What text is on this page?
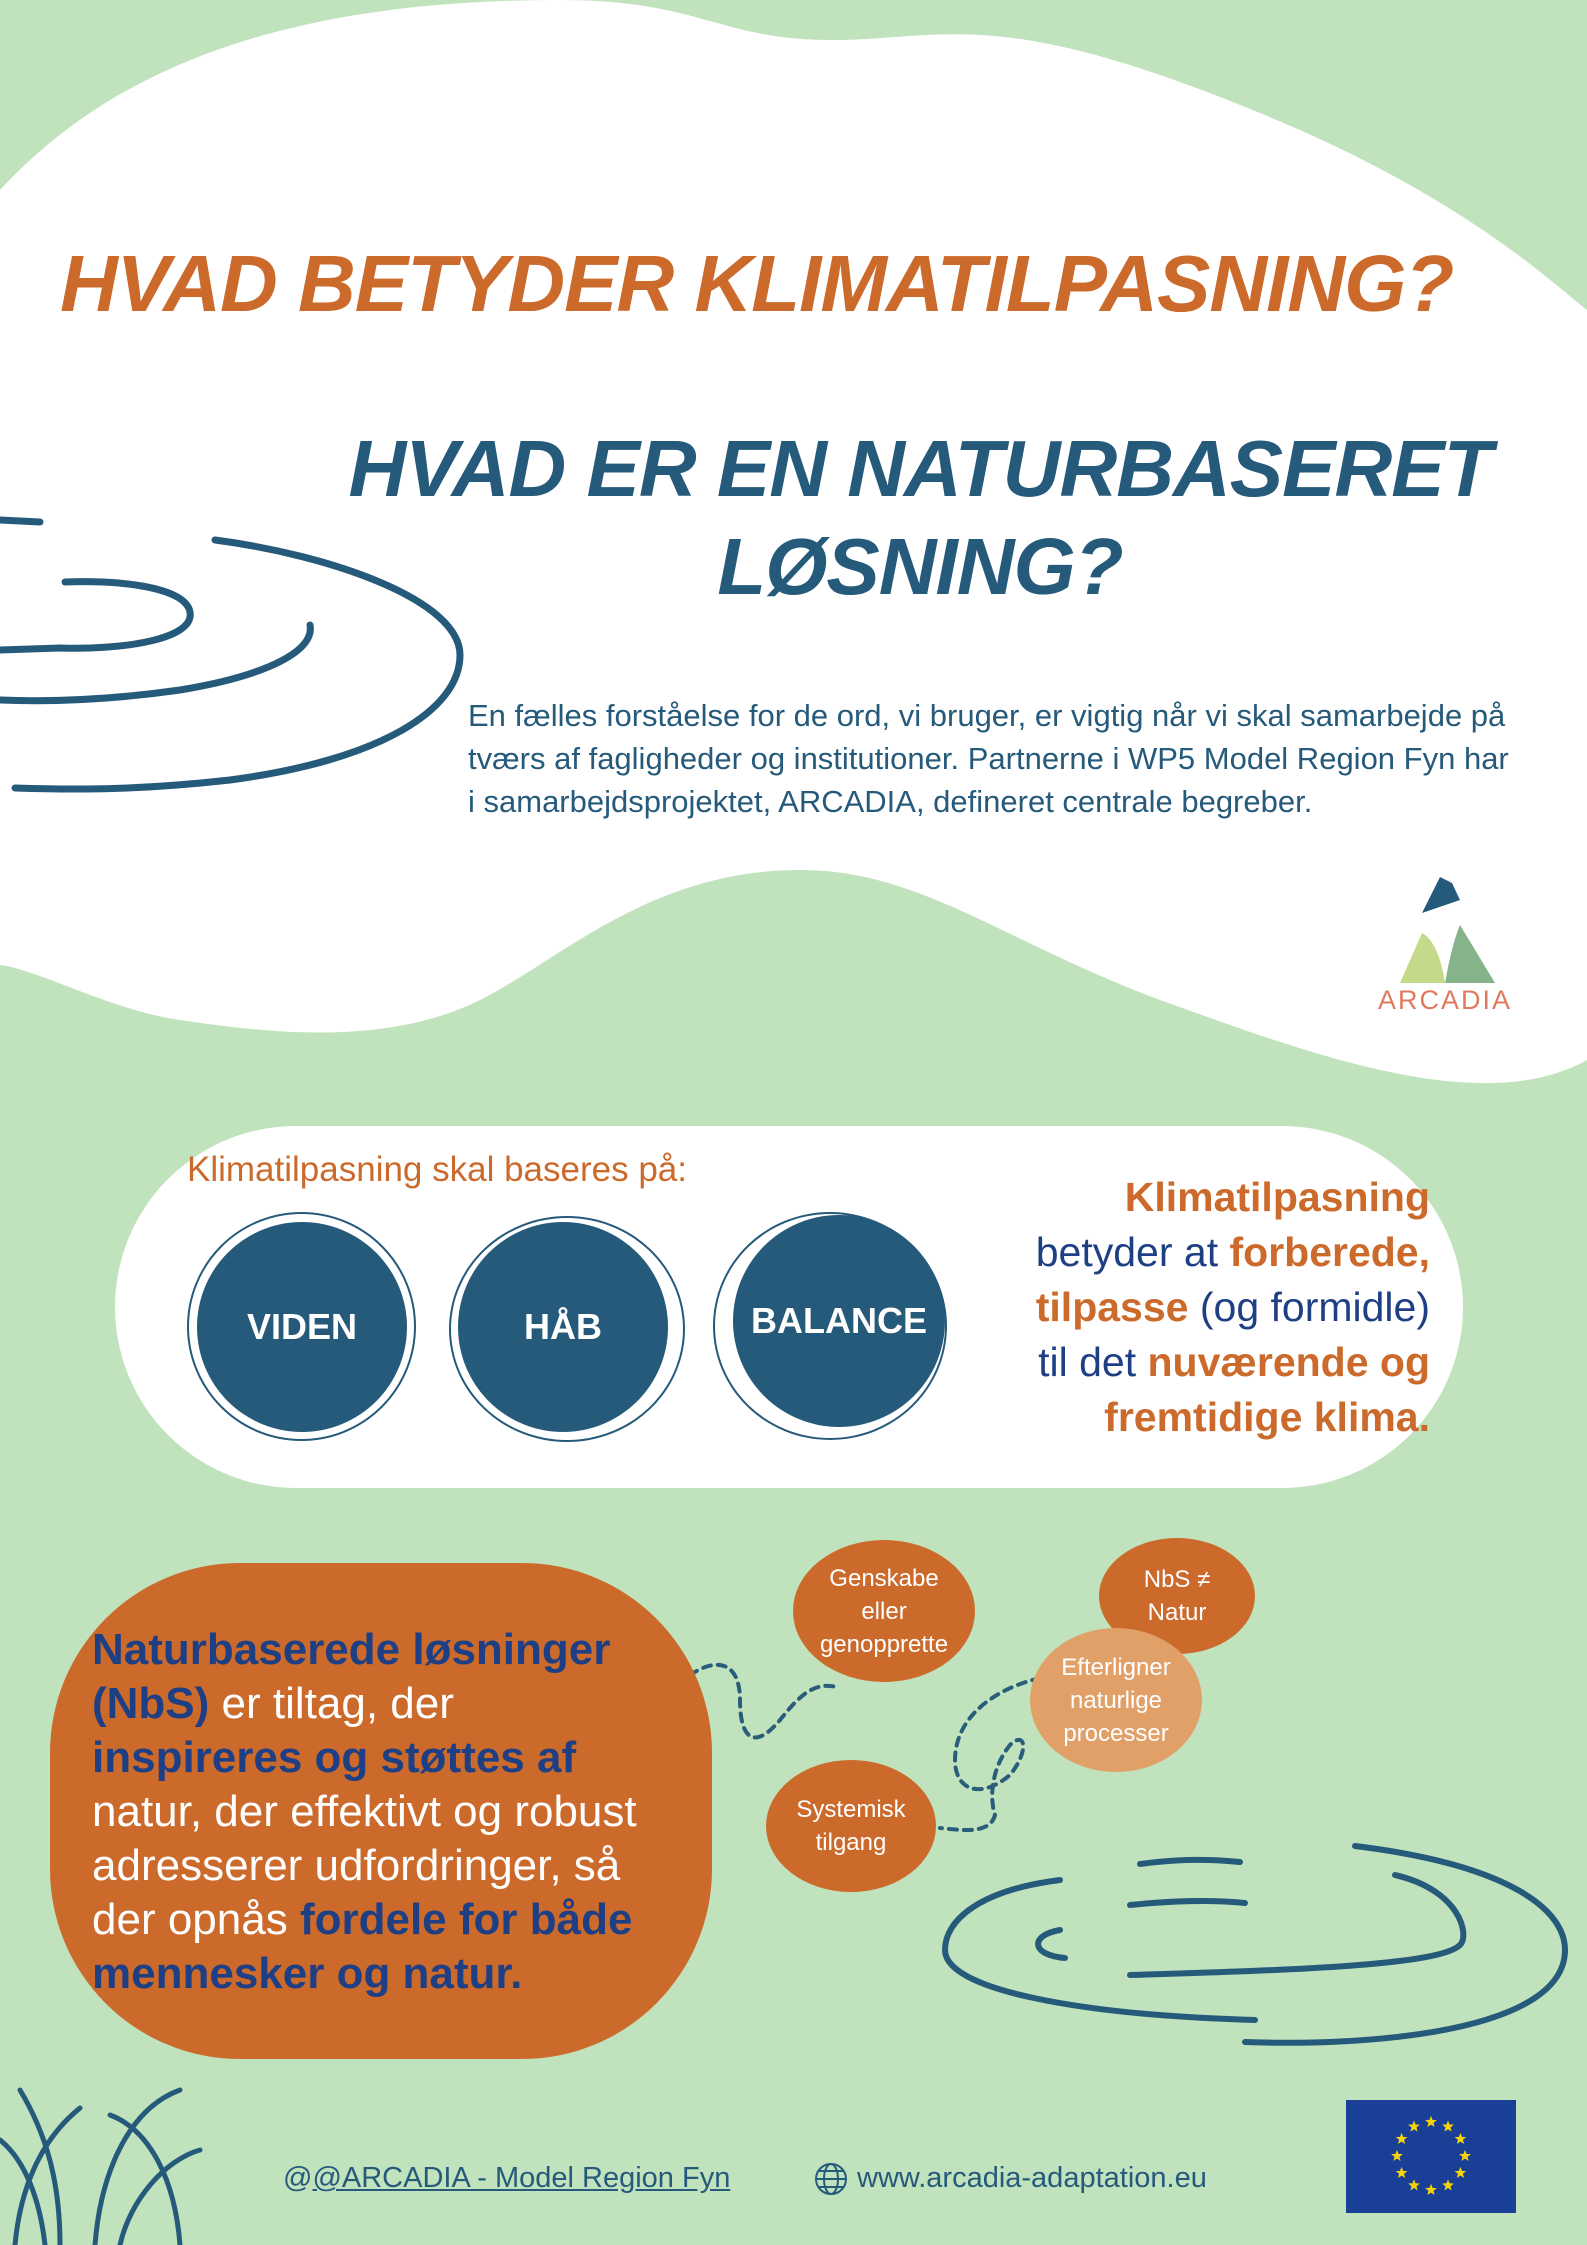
HVAD BETYDER KLIMATILPASNING?
HVAD ER EN NATURBASERET
LØSNING?
En fælles forståelse for de ord, vi bruger, er vigtig når vi skal samarbejde på tværs af fagligheder og institutioner. Partnerne i WP5 Model Region Fyn har i samarbejdsprojektet, ARCADIA, defineret centrale begreber.
ARCADIA
Klimatilpasning skal baseres på:
VIDEN	HÅB	BALANCE
Klimatilpasning
betyder at forberede,
tilpasse (og formidle)
til det nuværende og
fremtidige klima.
Naturbaserede løsninger
(NbS) er tiltag, der
inspireres og støttes af
natur, der effektivt og robust adresserer udfordringer, så der opnås fordele for både mennesker og natur.
Genskabe eller genopprette
NbS ≠ Natur
Efterligner naturlige processer
Systemisk tilgang
@@ARCADIA - Model Region Fyn	www.arcadia-adaptation.eu
